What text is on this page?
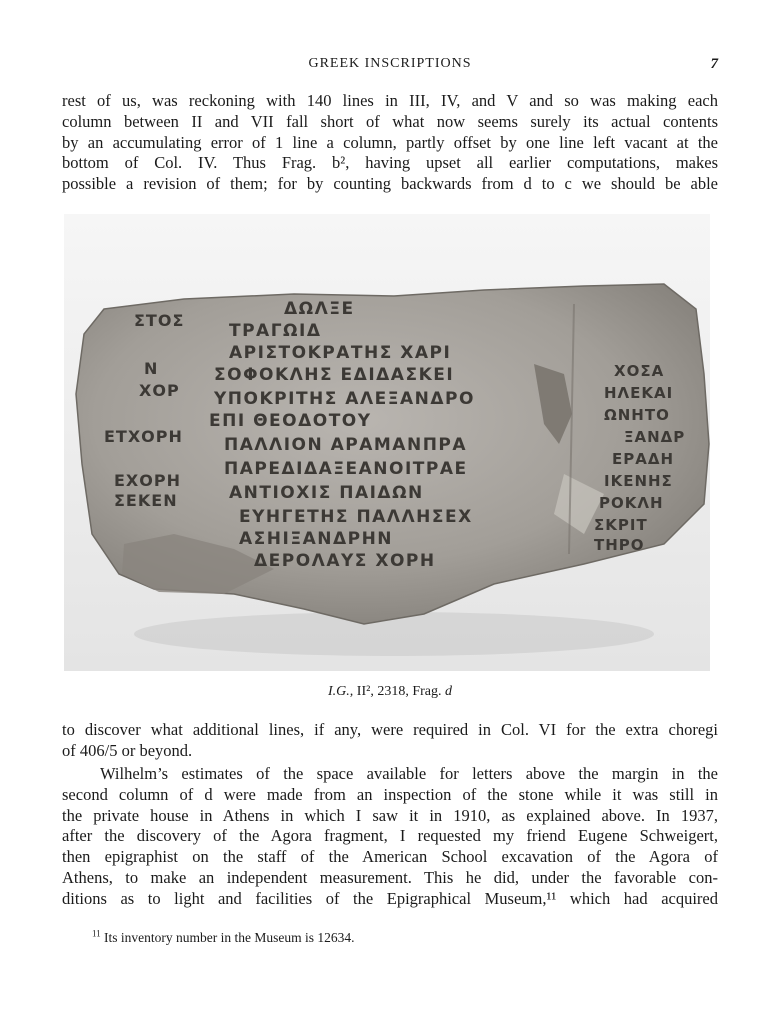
GREEK INSCRIPTIONS	7
rest of us, was reckoning with 140 lines in III, IV, and V and so was making each
column between II and VII fall short of what now seems surely its actual contents
by an accumulating error of 1 line a column, partly offset by one line left vacant at the
bottom of Col. IV. Thus Frag. b², having upset all earlier computations, makes
possible a revision of them; for by counting backwards from d to c we should be able
ΔΩΛΞΕ
ΤΡΑΓΩΙΔ
ΑΡΙΣΤΟΚΡΑΤΗΣ ΧΑΡΙ
ΣΟΦΟΚΛΗΣ ΕΔΙΔΑΣΚΕΙ
ΥΠΟΚΡΙΤΗΣ ΑΛΕΞΑΝΔΡΟ
ΕΠΙ ΘΕΟΔΟΤΟΥ
ΠΑΛΛΙΟΝ ΑΡΑΜΑΝΠΡΑ
ΠΑΡΕΔΙΔΑΞΕΑΝΟΙΤΡΑΕ
ΑΝΤΙΟΧΙΣ ΠΑΙΔΩΝ
ΕΥΗΓΕΤΗΣ ΠΑΛΛΗΣΕΧ
ΑΣΗΙΞΑΝΔΡΗΝ
ΔΕΡΟΛΑΥΣ ΧΟΡΗ
ΣΤΟΣ
Ν
ΧΟΡ
ΕΤΧΟΡΗ
ΕΧΟΡΗ
ΣΕΚΕΝ
ΧΟΣΑ
ΗΛΕΚΑΙ
ΩΝΗΤΟ
ΞΑΝΔΡ
ΕΡΑΔΗ
ΙΚΕΝΗΣ
ΡΟΚΛΗ
ΣΚΡΙΤ
ΤΗΡΟ
I.G., II², 2318, Frag. d
to discover what additional lines, if any, were required in Col. VI for the extra choregi
of 406/5 or beyond.
Wilhelm’s estimates of the space available for letters above the margin in the
second column of d were made from an inspection of the stone while it was still in
the private house in Athens in which I saw it in 1910, as explained above. In 1937,
after the discovery of the Agora fragment, I requested my friend Eugene Schweigert,
then epigraphist on the staff of the American School excavation of the Agora of
Athens, to make an independent measurement. This he did, under the favorable con-
ditions as to light and facilities of the Epigraphical Museum,¹¹ which had acquired
$^{11}$ Its inventory number in the Museum is 12634.
